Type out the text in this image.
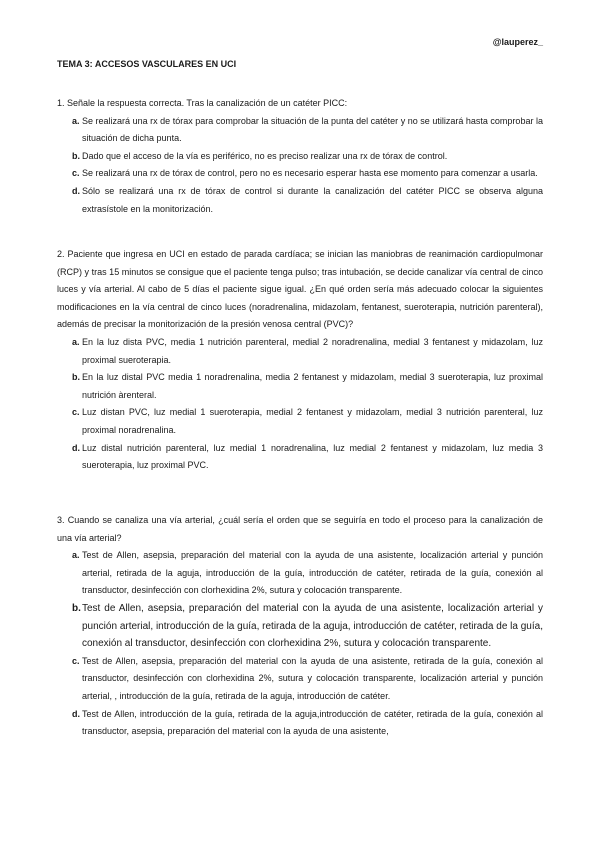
@lauperez_
TEMA 3: ACCESOS VASCULARES EN UCI

1. Señale la respuesta correcta. Tras la canalización de un catéter PICC:

a. Se realizará una rx de tórax para comprobar la situación de la punta del catéter y no se utilizará hasta comprobar la situación de dicha punta.
b. Dado que el acceso de la vía es periférico, no es preciso realizar una rx de tórax de control.
c. Se realizará una rx de tórax de control, pero no es necesario esperar hasta ese momento para comenzar a usarla.
d. Sólo se realizará una rx de tórax de control si durante la canalización del catéter PICC se observa alguna extrasístole en la monitorización.

2. Paciente que ingresa en UCI en estado de parada cardíaca; se inician las maniobras de reanimación cardiopulmonar (RCP) y tras 15 minutos se consigue que el paciente tenga pulso; tras intubación, se decide canalizar vía central de cinco luces y vía arterial. Al cabo de 5 días el paciente sigue igual. ¿En qué orden sería más adecuado colocar la siguientes modificaciones en la vía central de cinco luces (noradrenalina, midazolam, fentanest, sueroterapia, nutrición parenteral), además de precisar la monitorización de la presión venosa central (PVC)?

a. En la luz dista PVC, media 1 nutrición parenteral, medial 2 noradrenalina, medial 3 fentanest y midazolam, luz proximal sueroterapia.
b. En la luz distal PVC media 1 noradrenalina, media 2 fentanest y midazolam, medial 3 sueroterapia, luz proximal nutrición àrenteral.
c. Luz distan PVC, luz medial 1 sueroterapia, medial 2 fentanest y midazolam, medial 3 nutrición parenteral, luz proximal noradrenalina.
d. Luz distal nutrición parenteral, luz medial 1 noradrenalina, luz medial 2 fentanest y midazolam, luz media 3 sueroterapia, luz proximal PVC.

3. Cuando se canaliza una vía arterial, ¿cuál sería el orden que se seguiría en todo el proceso para la canalización de una vía arterial?

a. Test de Allen, asepsia, preparación del material con la ayuda de una asistente, localización arterial y punción arterial, retirada de la aguja, introducción de la guía, introducción de catéter, retirada de la guía, conexión al transductor, desinfección con clorhexidina 2%, sutura y colocación transparente.
b. Test de Allen, asepsia, preparación del material con la ayuda de una asistente, localización arterial y punción arterial, introducción de la guía, retirada de la aguja, introducción de catéter, retirada de la guía, conexión al transductor, desinfección con clorhexidina 2%, sutura y colocación transparente.
c. Test de Allen, asepsia, preparación del material con la ayuda de una asistente, retirada de la guía, conexión al transductor, desinfección con clorhexidina 2%, sutura y colocación transparente, localización arterial y punción arterial, , introducción de la guía, retirada de la aguja, introducción de catéter.
d. Test de Allen, introducción de la guía, retirada de la aguja,introducción de catéter, retirada de la guía, conexión al transductor, asepsia, preparación del material con la ayuda de una asistente,
